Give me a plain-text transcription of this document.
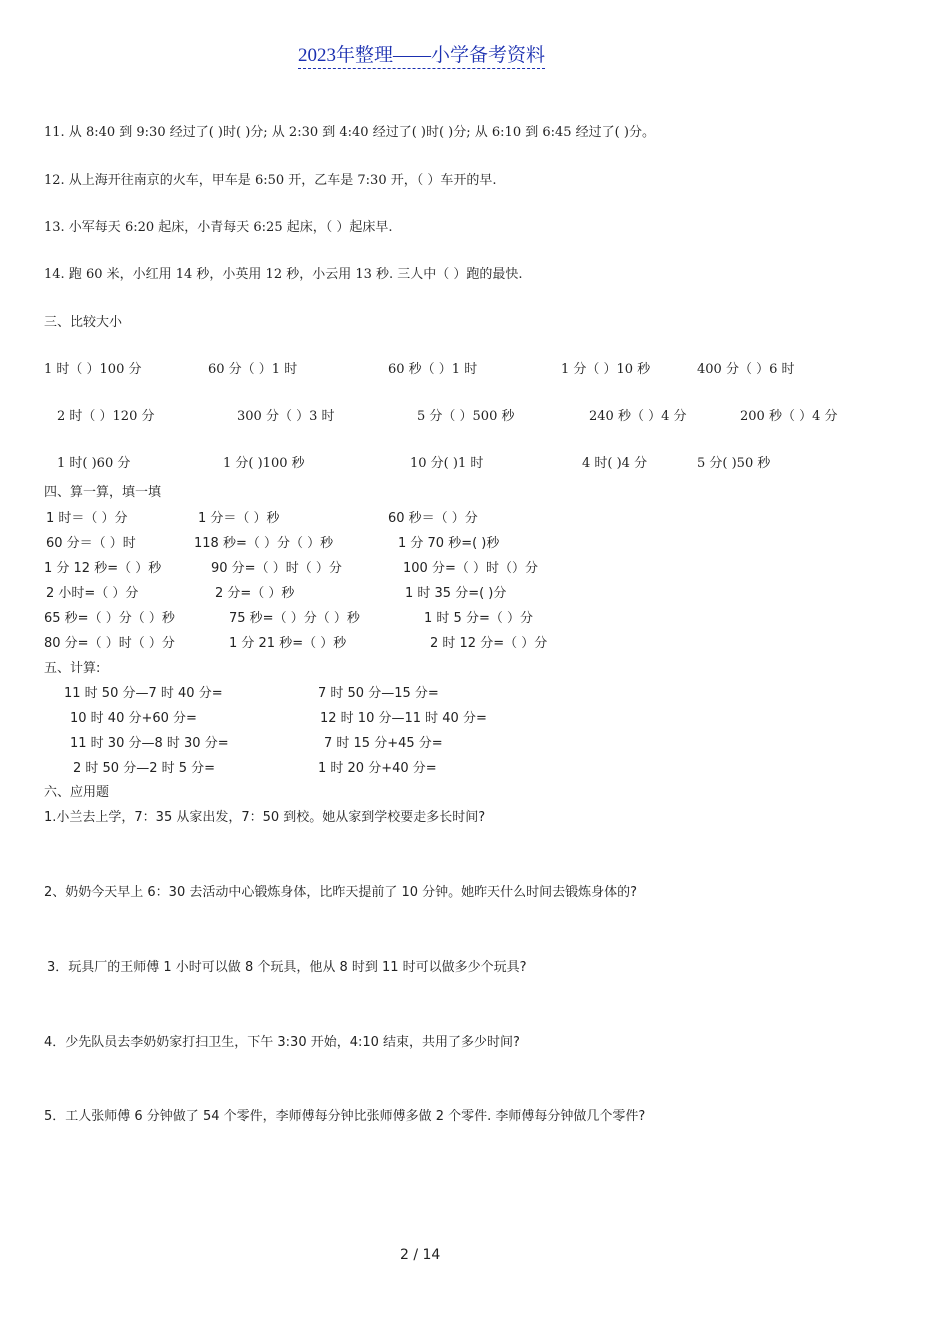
2023年整理——小学备考资料
11. 从 8:40 到 9:30 经过了( )时( )分; 从 2:30 到 4:40 经过了( )时( )分; 从 6:10 到 6:45 经过了( )分。
12. 从上海开往南京的火车，甲车是 6:50 开，乙车是 7:30 开，（ ）车开的早.
13. 小军每天 6:20 起床，小青每天 6:25 起床，（ ）起床早.
14. 跑 60 米，小红用 14 秒，小英用 12 秒，小云用 13 秒. 三人中（ ）跑的最快.
三、比较大小
1 时（ ）100 分	60 分（ ）1 时	60 秒（ ）1 时	1 分（ ）10 秒	400 分（ ）6 时
2 时（ ）120 分	300 分（ ）3 时	5 分（ ）500 秒	240 秒（ ）4 分	200 秒（ ）4 分
1 时( )60 分	1 分( )100 秒	10 分( )1 时	4 时( )4 分	5 分( )50 秒
四、算一算，填一填
1 时＝（ ）分	1 分＝（ ）秒	60 秒＝（ ）分
60 分＝（ ）时	118 秒=（ ）分（ ）秒	1 分 70 秒=( )秒
1 分 12 秒=（ ）秒	90 分=（ ）时（ ）分	100 分=（ ）时（）分
2 小时=（ ）分	2 分=（ ）秒	1 时 35 分=( )分
65 秒=（ ）分（ ）秒	75 秒=（ ）分（ ）秒	1 时 5 分=（ ）分
80 分=（ ）时（ ）分	1 分 21 秒=（ ）秒	2 时 12 分=（ ）分
五、计算:
11 时 50 分—7 时 40 分=	7 时 50 分—15 分=
10 时 40 分+60 分=	12 时 10 分—11 时 40 分=
11 时 30 分—8 时 30 分=	7 时 15 分+45 分=
2 时 50 分—2 时 5 分=	1 时 20 分+40 分=
六、应用题
1.小兰去上学，7：35 从家出发，7：50 到校。她从家到学校要走多长时间?
2、奶奶今天早上 6：30 去活动中心锻炼身体，比昨天提前了 10 分钟。她昨天什么时间去锻炼身体的?
3．玩具厂的王师傅 1 小时可以做 8 个玩具，他从 8 时到 11 时可以做多少个玩具?
4．少先队员去李奶奶家打扫卫生，下午 3:30 开始，4:10 结束，共用了多少时间?
5．工人张师傅 6 分钟做了 54 个零件，李师傅每分钟比张师傅多做 2 个零件. 李师傅每分钟做几个零件?
2 / 14
